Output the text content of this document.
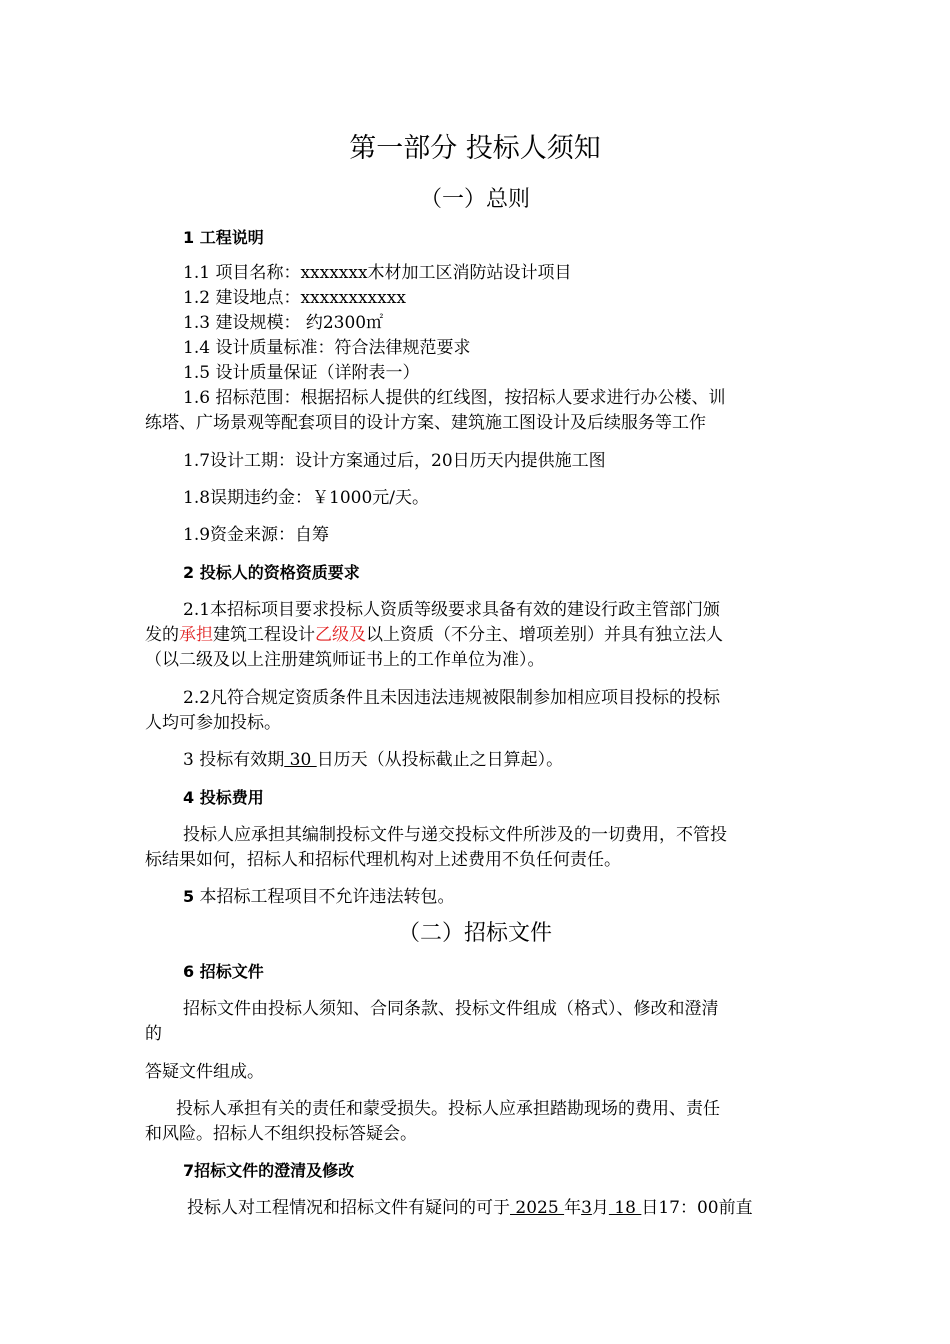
第一部分 投标人须知
（一）总则
1 工程说明
1.1 项目名称：xxxxxxx木材加工区消防站设计项目
1.2 建设地点：xxxxxxxxxxx
1.3 建设规模： 约2300㎡
1.4 设计质量标准：符合法律规范要求
1.5 设计质量保证（详附表一）
1.6 招标范围：根据招标人提供的红线图，按招标人要求进行办公楼、训
练塔、广场景观等配套项目的设计方案、建筑施工图设计及后续服务等工作
1.7设计工期：设计方案通过后，20日历天内提供施工图
1.8误期违约金：￥1000元/天。
1.9资金来源：自筹
2 投标人的资格资质要求
2.1本招标项目要求投标人资质等级要求具备有效的建设行政主管部门颁
发的承担建筑工程设计乙级及以上资质（不分主、增项差别）并具有独立法人
（以二级及以上注册建筑师证书上的工作单位为准）。
2.2凡符合规定资质条件且未因违法违规被限制参加相应项目投标的投标
人均可参加投标。
3 投标有效期 30 日历天（从投标截止之日算起）。
4 投标费用
投标人应承担其编制投标文件与递交投标文件所涉及的一切费用，不管投
标结果如何，招标人和招标代理机构对上述费用不负任何责任。
5 本招标工程项目不允许违法转包。
（二）招标文件
6 招标文件
招标文件由投标人须知、合同条款、投标文件组成（格式）、修改和澄清
的
答疑文件组成。
投标人承担有关的责任和蒙受损失。投标人应承担踏勘现场的费用、责任
和风险。招标人不组织投标答疑会。
7招标文件的澄清及修改
投标人对工程情况和招标文件有疑问的可于 2025 年3月 18 日17：00前直
